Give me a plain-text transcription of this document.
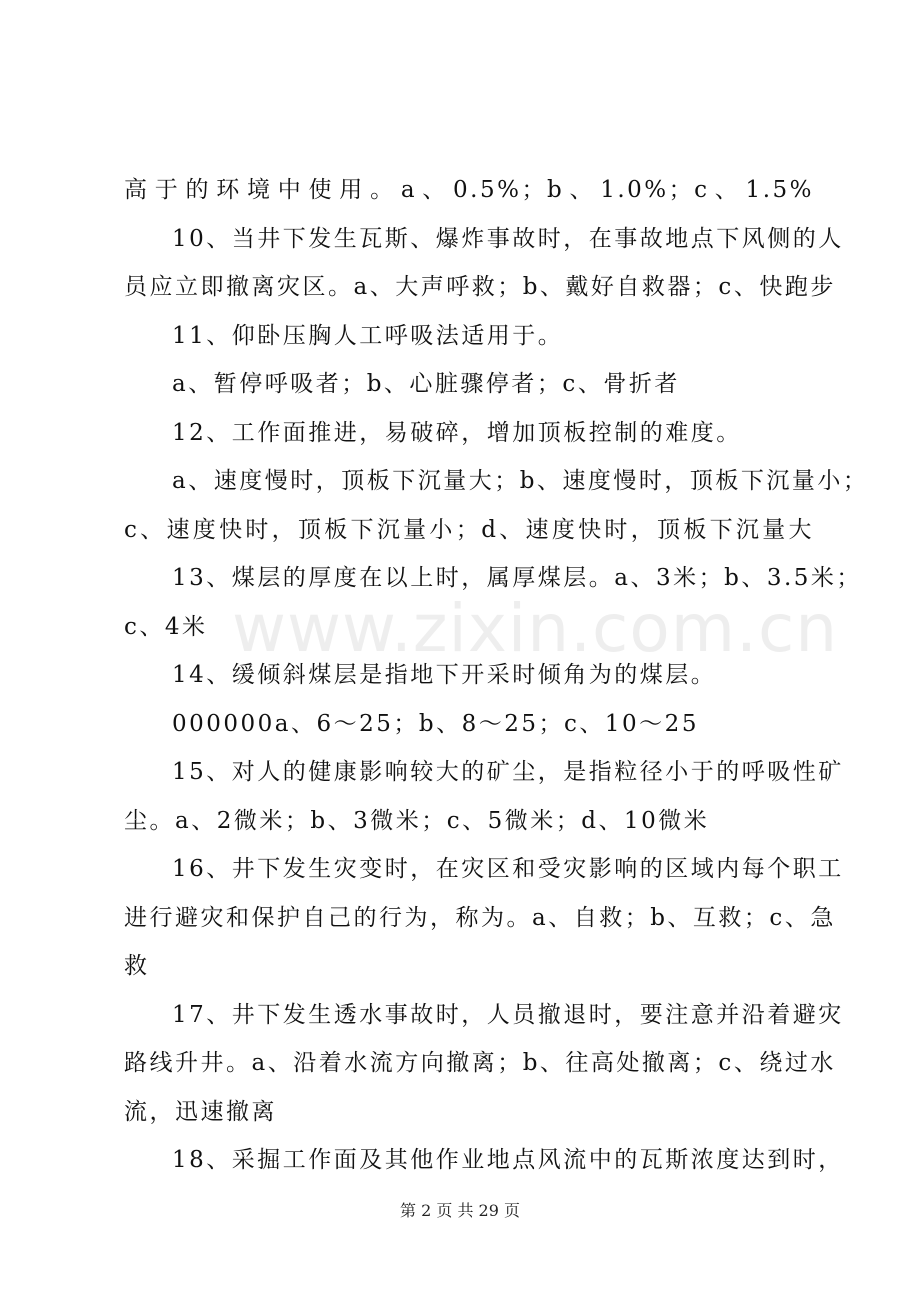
www.zixin.com.cn
高于的环境中使用。a、0.5%；b、1.0%；c、1.5%
10、当井下发生瓦斯、爆炸事故时，在事故地点下风侧的人
员应立即撤离灾区。a、大声呼救；b、戴好自救器；c、快跑步
11、仰卧压胸人工呼吸法适用于。
a、暂停呼吸者；b、心脏骤停者；c、骨折者
12、工作面推进，易破碎，增加顶板控制的难度。
a、速度慢时，顶板下沉量大；b、速度慢时，顶板下沉量小；
c、速度快时，顶板下沉量小；d、速度快时，顶板下沉量大
13、煤层的厚度在以上时，属厚煤层。a、3米；b、3.5米；
c、4米
14、缓倾斜煤层是指地下开采时倾角为的煤层。
000000a、6～25；b、8～25；c、10～25
15、对人的健康影响较大的矿尘，是指粒径小于的呼吸性矿
尘。a、2微米；b、3微米；c、5微米；d、10微米
16、井下发生灾变时，在灾区和受灾影响的区域内每个职工
进行避灾和保护自己的行为，称为。a、自救；b、互救；c、急
救
17、井下发生透水事故时，人员撤退时，要注意并沿着避灾
路线升井。a、沿着水流方向撤离；b、往高处撤离；c、绕过水
流，迅速撤离
18、采掘工作面及其他作业地点风流中的瓦斯浓度达到时，
第 2 页 共 29 页
